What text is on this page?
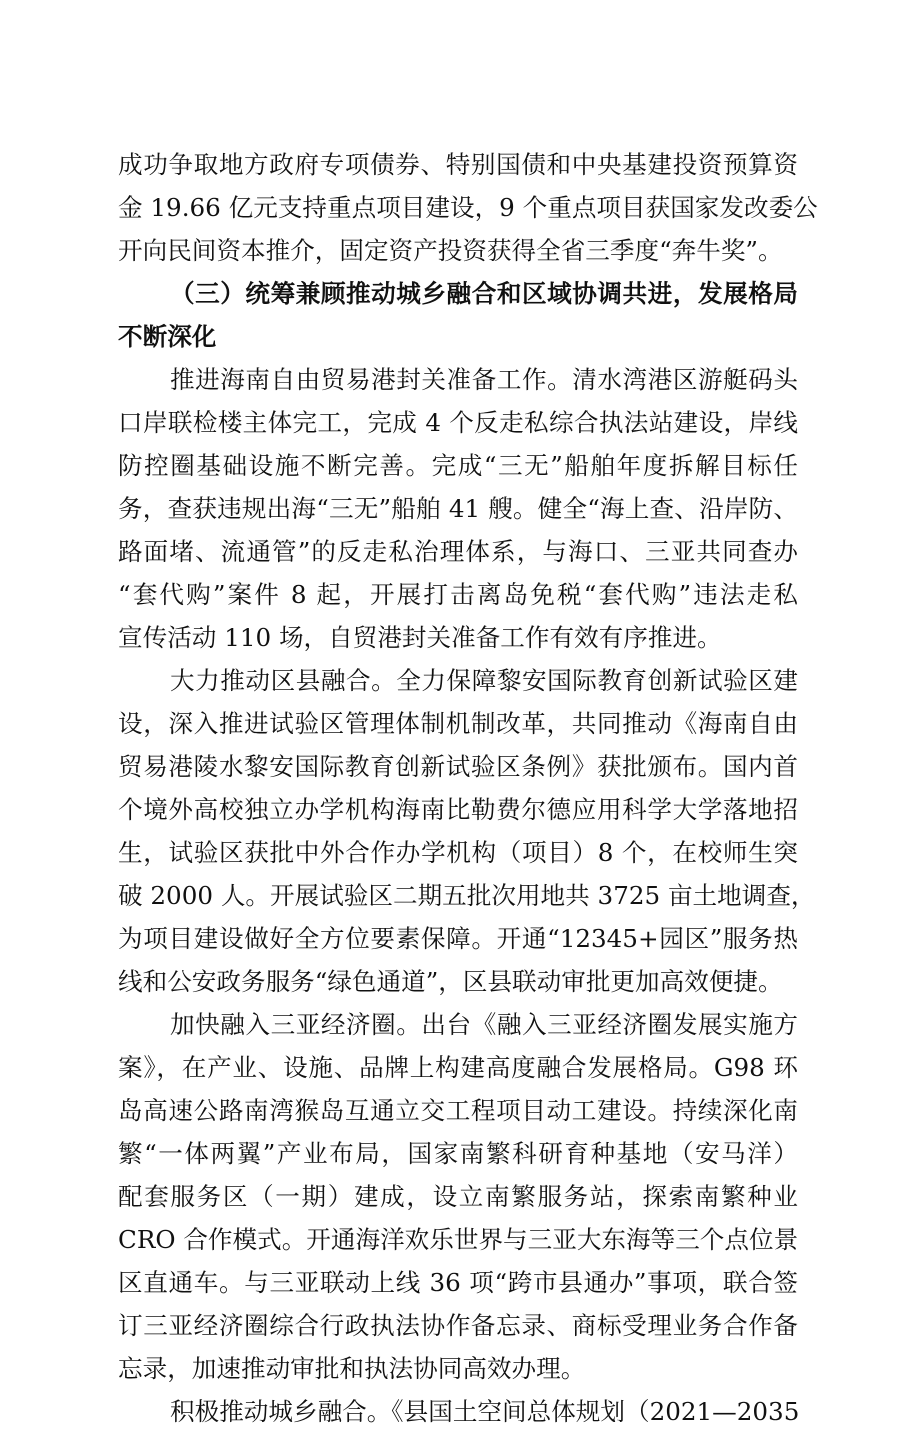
成功争取地方政府专项债券、特别国债和中央基建投资预算资
金 19.66 亿元支持重点项目建设，9 个重点项目获国家发改委公
开向民间资本推介，固定资产投资获得全省三季度“奔牛奖”。
（三）统筹兼顾推动城乡融合和区域协调共进，发展格局
不断深化
推进海南自由贸易港封关准备工作。清水湾港区游艇码头
口岸联检楼主体完工，完成 4 个反走私综合执法站建设，岸线
防控圈基础设施不断完善。完成“三无”船舶年度拆解目标任
务，查获违规出海“三无”船舶 41 艘。健全“海上查、沿岸防、
路面堵、流通管”的反走私治理体系，与海口、三亚共同查办
“套代购”案件 8 起，开展打击离岛免税“套代购”违法走私
宣传活动 110 场，自贸港封关准备工作有效有序推进。
大力推动区县融合。全力保障黎安国际教育创新试验区建
设，深入推进试验区管理体制机制改革，共同推动《海南自由
贸易港陵水黎安国际教育创新试验区条例》获批颁布。国内首
个境外高校独立办学机构海南比勒费尔德应用科学大学落地招
生，试验区获批中外合作办学机构（项目）8 个，在校师生突
破 2000 人。开展试验区二期五批次用地共 3725 亩土地调查，
为项目建设做好全方位要素保障。开通“12345+园区”服务热
线和公安政务服务“绿色通道”，区县联动审批更加高效便捷。
加快融入三亚经济圈。出台《融入三亚经济圈发展实施方
案》，在产业、设施、品牌上构建高度融合发展格局。G98 环
岛高速公路南湾猴岛互通立交工程项目动工建设。持续深化南
繁“一体两翼”产业布局，国家南繁科研育种基地（安马洋）
配套服务区（一期）建成，设立南繁服务站，探索南繁种业
CRO 合作模式。开通海洋欢乐世界与三亚大东海等三个点位景
区直通车。与三亚联动上线 36 项“跨市县通办”事项，联合签
订三亚经济圈综合行政执法协作备忘录、商标受理业务合作备
忘录，加速推动审批和执法协同高效办理。
积极推动城乡融合。《县国土空间总体规划（2021—2035
